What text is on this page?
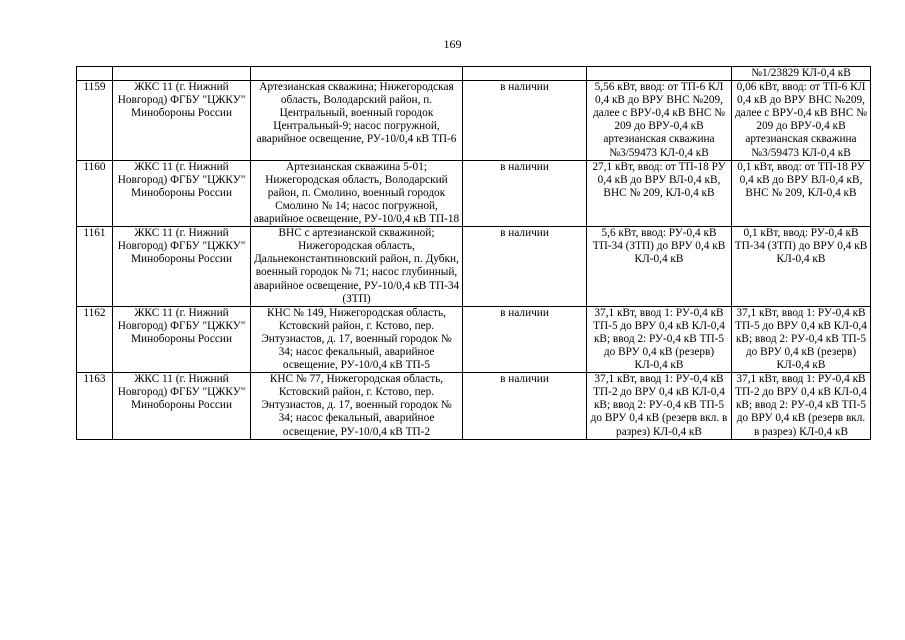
169
					№1/23829 КЛ-0,4 кВ
1159	ЖКС 11 (г. Нижний Новгород) ФГБУ "ЦЖКУ" Минобороны России	Артезианская скважина; Нижегородская область, Володарский район, п. Центральный, военный городок Центральный-9; насос погружной, аварийное освещение, РУ-10/0,4 кВ ТП-6	в наличии	5,56 кВт, ввод: от ТП-6 КЛ 0,4 кВ до ВРУ ВНС №209, далее с ВРУ-0,4 кВ ВНС № 209 до ВРУ-0,4 кВ артезианская скважина №3/59473 КЛ-0,4 кВ	0,06 кВт, ввод: от ТП-6 КЛ 0,4 кВ до ВРУ ВНС №209, далее с ВРУ-0,4 кВ ВНС № 209 до ВРУ-0,4 кВ артезианская скважина №3/59473 КЛ-0,4 кВ
1160	ЖКС 11 (г. Нижний Новгород) ФГБУ "ЦЖКУ" Минобороны России	Артезианская скважина 5-01; Нижегородская область, Володарский район, п. Смолино, военный городок Смолино № 14; насос погружной, аварийное освещение, РУ-10/0,4 кВ ТП-18	в наличии	27,1 кВт, ввод: от ТП-18 РУ 0,4 кВ до ВРУ ВЛ-0,4 кВ, ВНС № 209, КЛ-0,4 кВ	0,1 кВт, ввод: от ТП-18 РУ 0,4 кВ до ВРУ ВЛ-0,4 кВ, ВНС № 209, КЛ-0,4 кВ
1161	ЖКС 11 (г. Нижний Новгород) ФГБУ "ЦЖКУ" Минобороны России	ВНС с артезианской скважиной; Нижегородская область, Дальнеконстантиновский район, п. Дубки, военный городок № 71; насос глубинный, аварийное освещение, РУ-10/0,4 кВ ТП-34 (ЗТП)	в наличии	5,6 кВт, ввод: РУ-0,4 кВ ТП-34 (ЗТП) до ВРУ 0,4 кВ КЛ-0,4 кВ	0,1 кВт, ввод: РУ-0,4 кВ ТП-34 (ЗТП) до ВРУ 0,4 кВ КЛ-0,4 кВ
1162	ЖКС 11 (г. Нижний Новгород) ФГБУ "ЦЖКУ" Минобороны России	КНС № 149, Нижегородская область, Кстовский район, г. Кстово, пер. Энтузиастов, д. 17, военный городок № 34; насос фекальный, аварийное освещение, РУ-10/0,4 кВ ТП-5	в наличии	37,1 кВт, ввод 1: РУ-0,4 кВ ТП-5 до ВРУ 0,4 кВ КЛ-0,4 кВ; ввод 2: РУ-0,4 кВ ТП-5 до ВРУ 0,4 кВ (резерв) КЛ-0,4 кВ	37,1 кВт, ввод 1: РУ-0,4 кВ ТП-5 до ВРУ 0,4 кВ КЛ-0,4 кВ; ввод 2: РУ-0,4 кВ ТП-5 до ВРУ 0,4 кВ (резерв) КЛ-0,4 кВ
1163	ЖКС 11 (г. Нижний Новгород) ФГБУ "ЦЖКУ" Минобороны России	КНС № 77, Нижегородская область, Кстовский район, г. Кстово, пер. Энтузиастов, д. 17, военный городок № 34; насос фекальный, аварийное освещение, РУ-10/0,4 кВ ТП-2	в наличии	37,1 кВт, ввод 1: РУ-0,4 кВ ТП-2 до ВРУ 0,4 кВ КЛ-0,4 кВ; ввод 2: РУ-0,4 кВ ТП-5 до ВРУ 0,4 кВ (резерв вкл. в разрез) КЛ-0,4 кВ	37,1 кВт, ввод 1: РУ-0,4 кВ ТП-2 до ВРУ 0,4 кВ КЛ-0,4 кВ; ввод 2: РУ-0,4 кВ ТП-5 до ВРУ 0,4 кВ (резерв вкл. в разрез) КЛ-0,4 кВ
